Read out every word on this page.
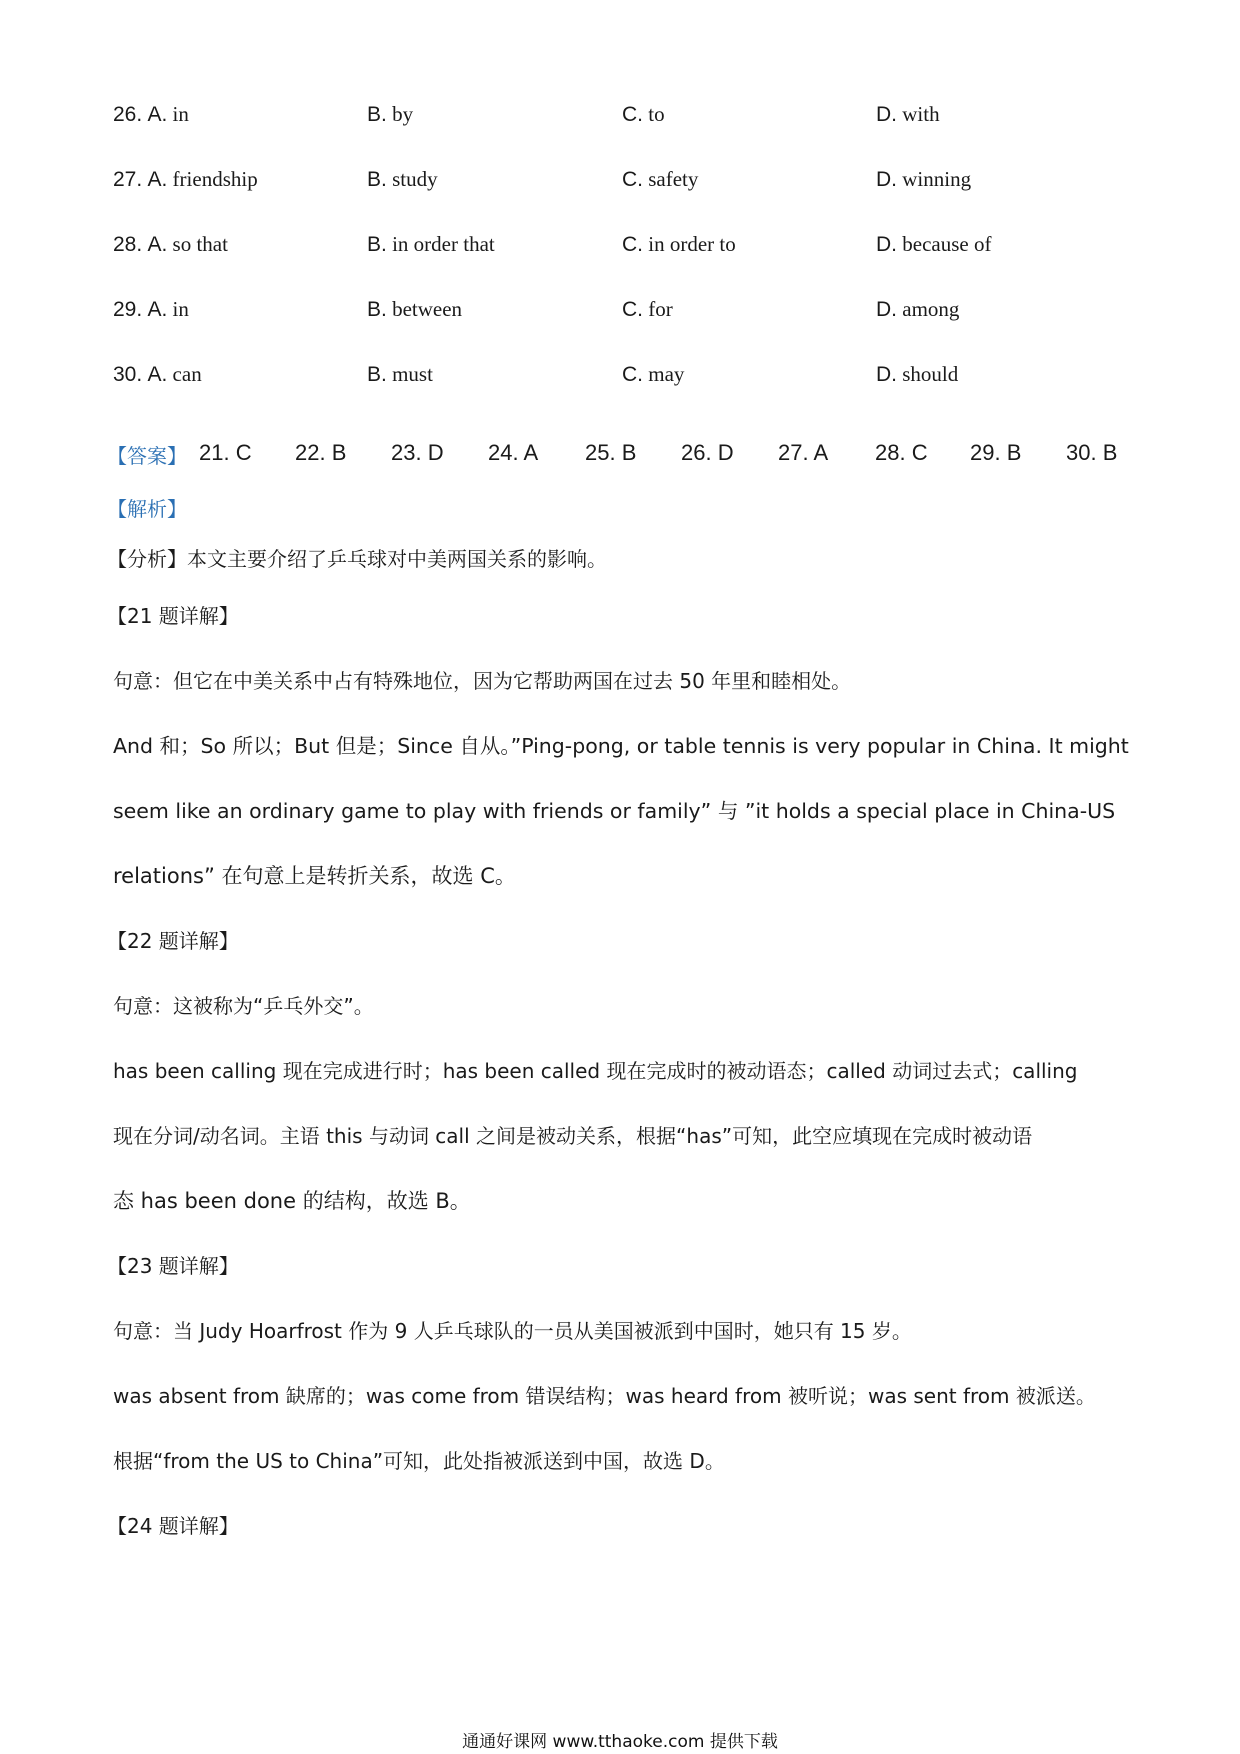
26. A. in	B. by	C. to	D. with
27. A. friendship	B. study	C. safety	D. winning
28. A. so that	B. in order that	C. in order to	D. because of
29. A. in	B. between	C. for	D. among
30. A. can	B. must	C. may	D. should
【答案】 21. C 22. B 23. D 24. A 25. B 26. D 27. A 28. C 29. B 30. B
【解析】
【分析】本文主要介绍了乒乓球对中美两国关系的影响。
【21 题详解】
句意：但它在中美关系中占有特殊地位，因为它帮助两国在过去 50 年里和睦相处。
And 和；So 所以；But 但是；Since 自从。”Ping-pong, or table tennis is very popular in China. It might
seem like an ordinary game to play with friends or family” 与 ”it holds a special place in China-US
relations” 在句意上是转折关系，故选 C。
【22 题详解】
句意：这被称为“乒乓外交”。
has been calling 现在完成进行时；has been called 现在完成时的被动语态；called 动词过去式；calling
现在分词/动名词。主语 this 与动词 call 之间是被动关系，根据“has”可知，此空应填现在完成时被动语
态 has been done 的结构，故选 B。
【23 题详解】
句意：当 Judy Hoarfrost 作为 9 人乒乓球队的一员从美国被派到中国时，她只有 15 岁。
was absent from 缺席的；was come from 错误结构；was heard from 被听说；was sent from 被派送。
根据“from the US to China”可知，此处指被派送到中国，故选 D。
【24 题详解】
通通好课网 www.tthaoke.com 提供下载
